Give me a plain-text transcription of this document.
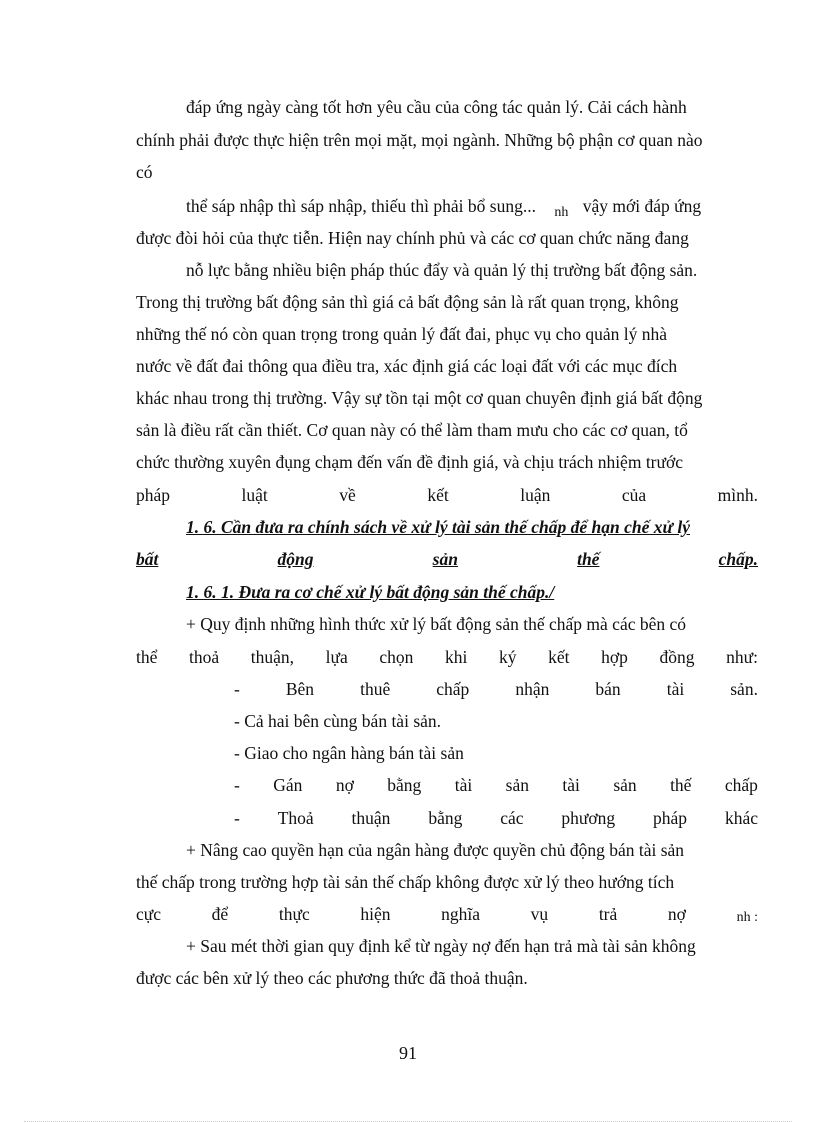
đáp ứng ngày càng tốt hơn yêu cầu của công tác quản lý. Cải cách hành
chính phải được thực hiện trên mọi mặt, mọi ngành. Những bộ phận cơ quan nào
có
thể sáp nhập thì sáp nhập, thiếu thì phải bổ sung... $_{nh}$ vậy mới đáp ứng
được đòi hỏi của thực tiễn. Hiện nay chính phủ và các cơ quan chức năng đang
nỗ lực bằng nhiều biện pháp thúc đẩy và quản lý thị trường bất động sản.
Trong thị trường bất động sản thì giá cả bất động sản là rất quan trọng, không
những thế nó còn quan trọng trong quản lý đất đai, phục vụ cho quản lý nhà
nước về đất đai thông qua điều tra, xác định giá các loại đất với các mục đích
khác nhau trong thị trường. Vậy sự tồn tại một cơ quan chuyên định giá bất động
sản là điều rất cần thiết. Cơ quan này có thể làm tham mưu cho các cơ quan, tổ
chức thường xuyên đụng chạm đến vấn đề định giá, và chịu trách nhiệm trước
pháp	luật	về	kết	luận	của	mình.
1. 6. Cần đưa ra chính sách về xử lý tài sản thế chấp để hạn chế xử lý
bất	động	sản	thế	chấp.
1. 6. 1. Đưa ra cơ chế xử lý bất động sản thế chấp./
+ Quy định những hình thức xử lý bất động sản thế chấp mà các bên có
thể thoả thuận, lựa chọn khi ký kết hợp đồng như:
-	Bên	thuê	chấp	nhận	bán	tài	sản.
- Cả hai bên cùng bán tài sản.
- Giao cho ngân hàng bán tài sản
- Gán nợ bằng tài sản tài sản thế chấp
- Thoả thuận bằng các phương pháp khác
+ Nâng cao quyền hạn của ngân hàng được quyền chủ động bán tài sản
thế chấp trong trường hợp tài sản thế chấp không được xử lý theo hướng tích
cực	để	thực	hiện	nghĩa	vụ	trả	nợ	nh :
+ Sau mét thời gian quy định kể từ ngày nợ đến hạn trả mà tài sản không
được các bên xử lý theo các phương thức đã thoả thuận.
91
